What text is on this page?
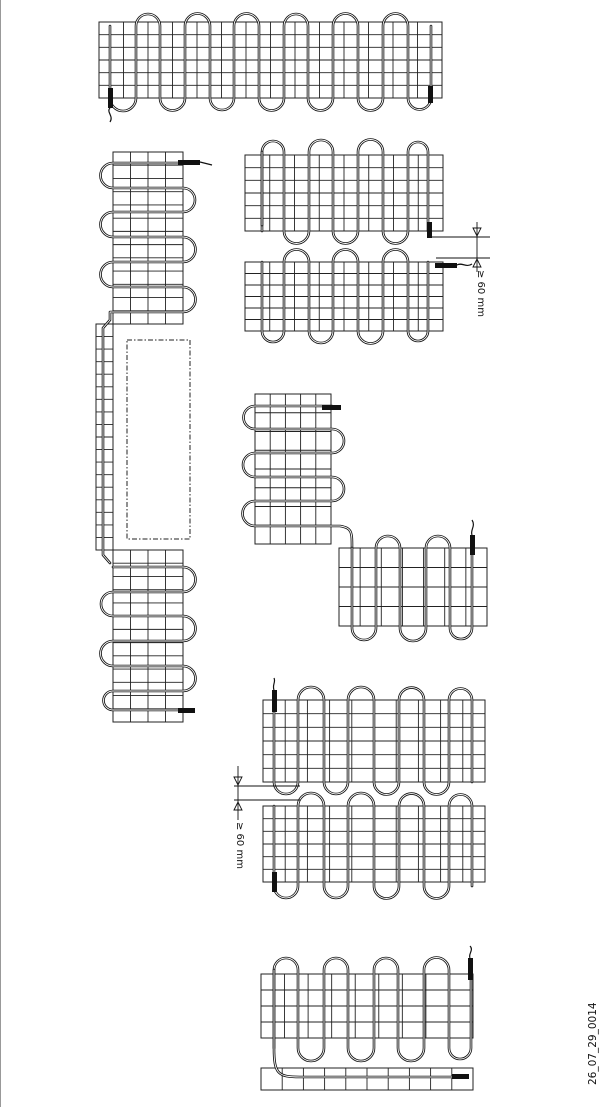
≥ 60 mm
≥ 60 mm
26_07_29_0014
